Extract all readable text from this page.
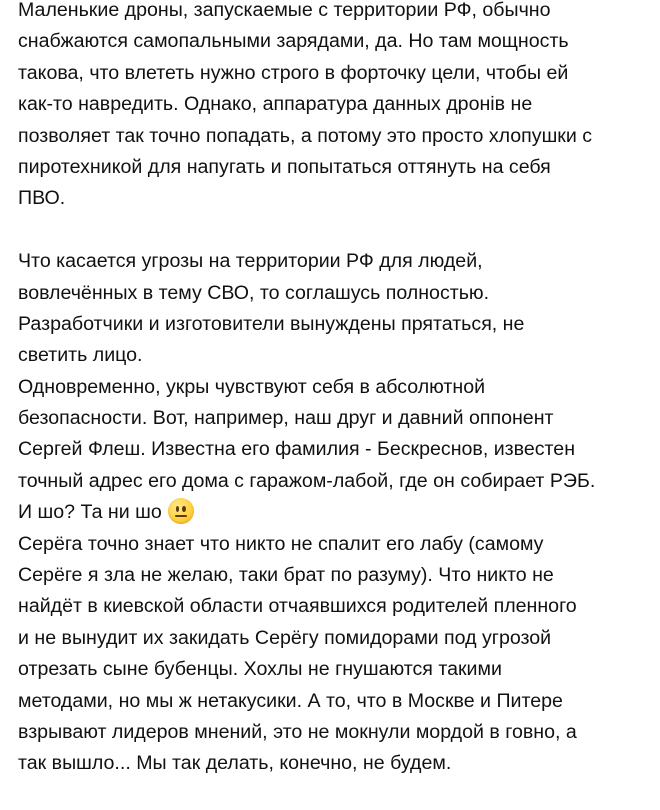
Маленькие дроны, запускаемые с территории РФ, обычно
снабжаются самопальными зарядами, да. Но там мощность
такова, что влететь нужно строго в форточку цели, чтобы ей
как-то навредить. Однако, аппаратура данных дронів не
позволяет так точно попадать, а потому это просто хлопушки с
пиротехникой для напугать и попытаться оттянуть на себя
ПВО.
Что касается угрозы на территории РФ для людей,
вовлечённых в тему СВО, то соглашусь полностью.
Разработчики и изготовители вынуждены прятаться, не
светить лицо.
Одновременно, укры чувствуют себя в абсолютной
безопасности. Вот, например, наш друг и давний оппонент
Сергей Флеш. Известна его фамилия - Бескреснов, известен
точный адрес его дома с гаражом-лабой, где он собирает РЭБ.
И шо? Та ни шо
Серёга точно знает что никто не спалит его лабу (самому
Серёге я зла не желаю, таки брат по разуму). Что никто не
найдёт в киевской области отчаявшихся родителей пленного
и не вынудит их закидать Серёгу помидорами под угрозой
отрезать сыне бубенцы. Хохлы не гнушаются такими
методами, но мы ж нетакусики. А то, что в Москве и Питере
взрывают лидеров мнений, это не мокнули мордой в говно, а
так вышло... Мы так делать, конечно, не будем.
